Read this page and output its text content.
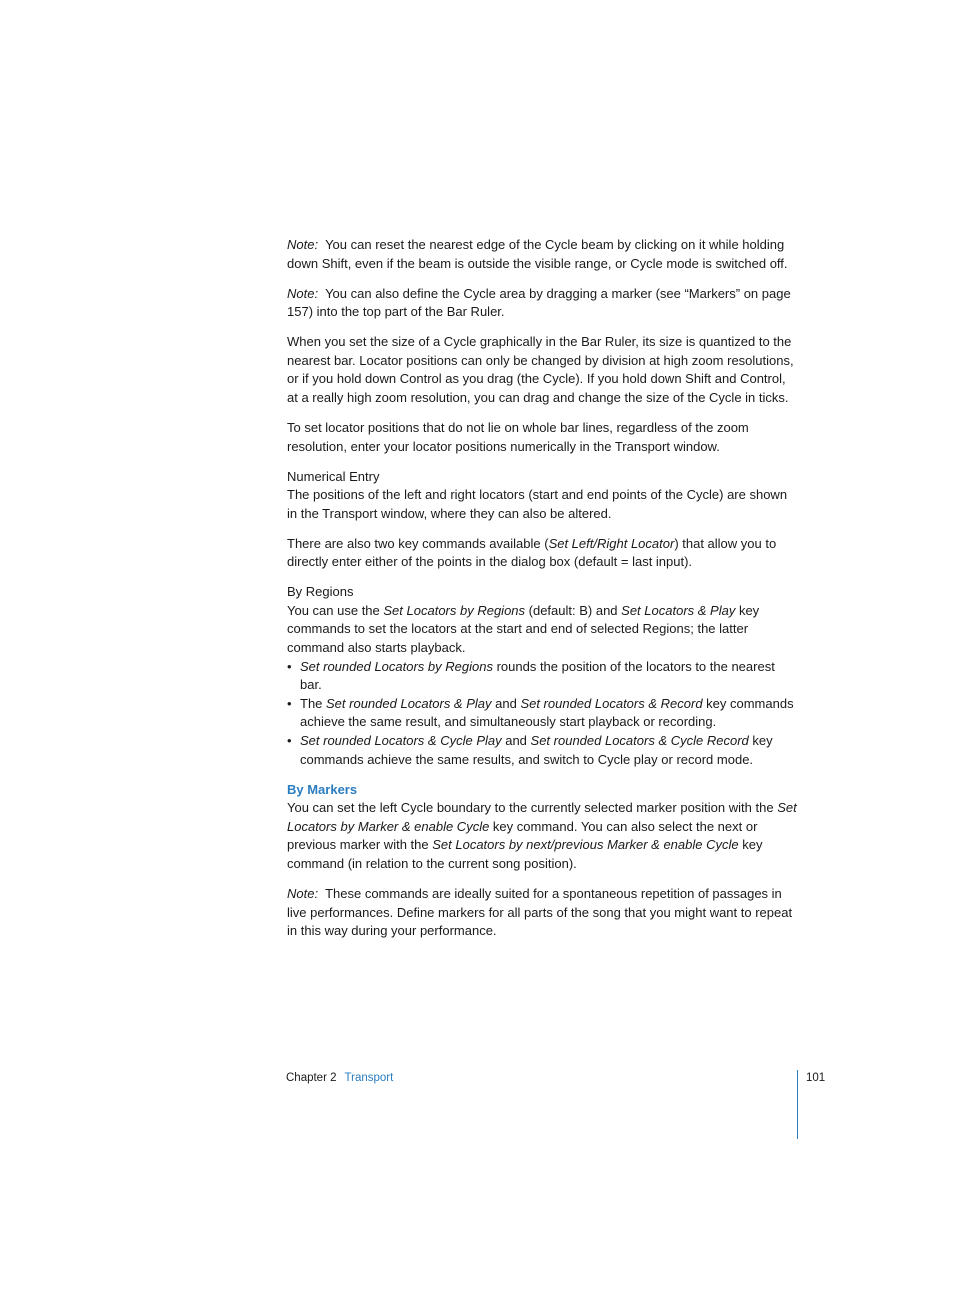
Note: You can reset the nearest edge of the Cycle beam by clicking on it while holding down Shift, even if the beam is outside the visible range, or Cycle mode is switched off.

Note: You can also define the Cycle area by dragging a marker (see “Markers” on page 157) into the top part of the Bar Ruler.

When you set the size of a Cycle graphically in the Bar Ruler, its size is quantized to the nearest bar. Locator positions can only be changed by division at high zoom resolutions, or if you hold down Control as you drag (the Cycle). If you hold down Shift and Control, at a really high zoom resolution, you can drag and change the size of the Cycle in ticks.

To set locator positions that do not lie on whole bar lines, regardless of the zoom resolution, enter your locator positions numerically in the Transport window.

Numerical Entry

The positions of the left and right locators (start and end points of the Cycle) are shown in the Transport window, where they can also be altered.

There are also two key commands available (Set Left/Right Locator) that allow you to directly enter either of the points in the dialog box (default = last input).

By Regions

You can use the Set Locators by Regions (default: B) and Set Locators & Play key commands to set the locators at the start and end of selected Regions; the latter command also starts playback.

• Set rounded Locators by Regions rounds the position of the locators to the nearest bar.
• The Set rounded Locators & Play and Set rounded Locators & Record key commands achieve the same result, and simultaneously start playback or recording.
• Set rounded Locators & Cycle Play and Set rounded Locators & Cycle Record key commands achieve the same results, and switch to Cycle play or record mode.
By Markers

You can set the left Cycle boundary to the currently selected marker position with the Set Locators by Marker & enable Cycle key command. You can also select the next or previous marker with the Set Locators by next/previous Marker & enable Cycle key command (in relation to the current song position).

Note: These commands are ideally suited for a spontaneous repetition of passages in live performances. Define markers for all parts of the song that you might want to repeat in this way during your performance.

Chapter 2 Transport	101
